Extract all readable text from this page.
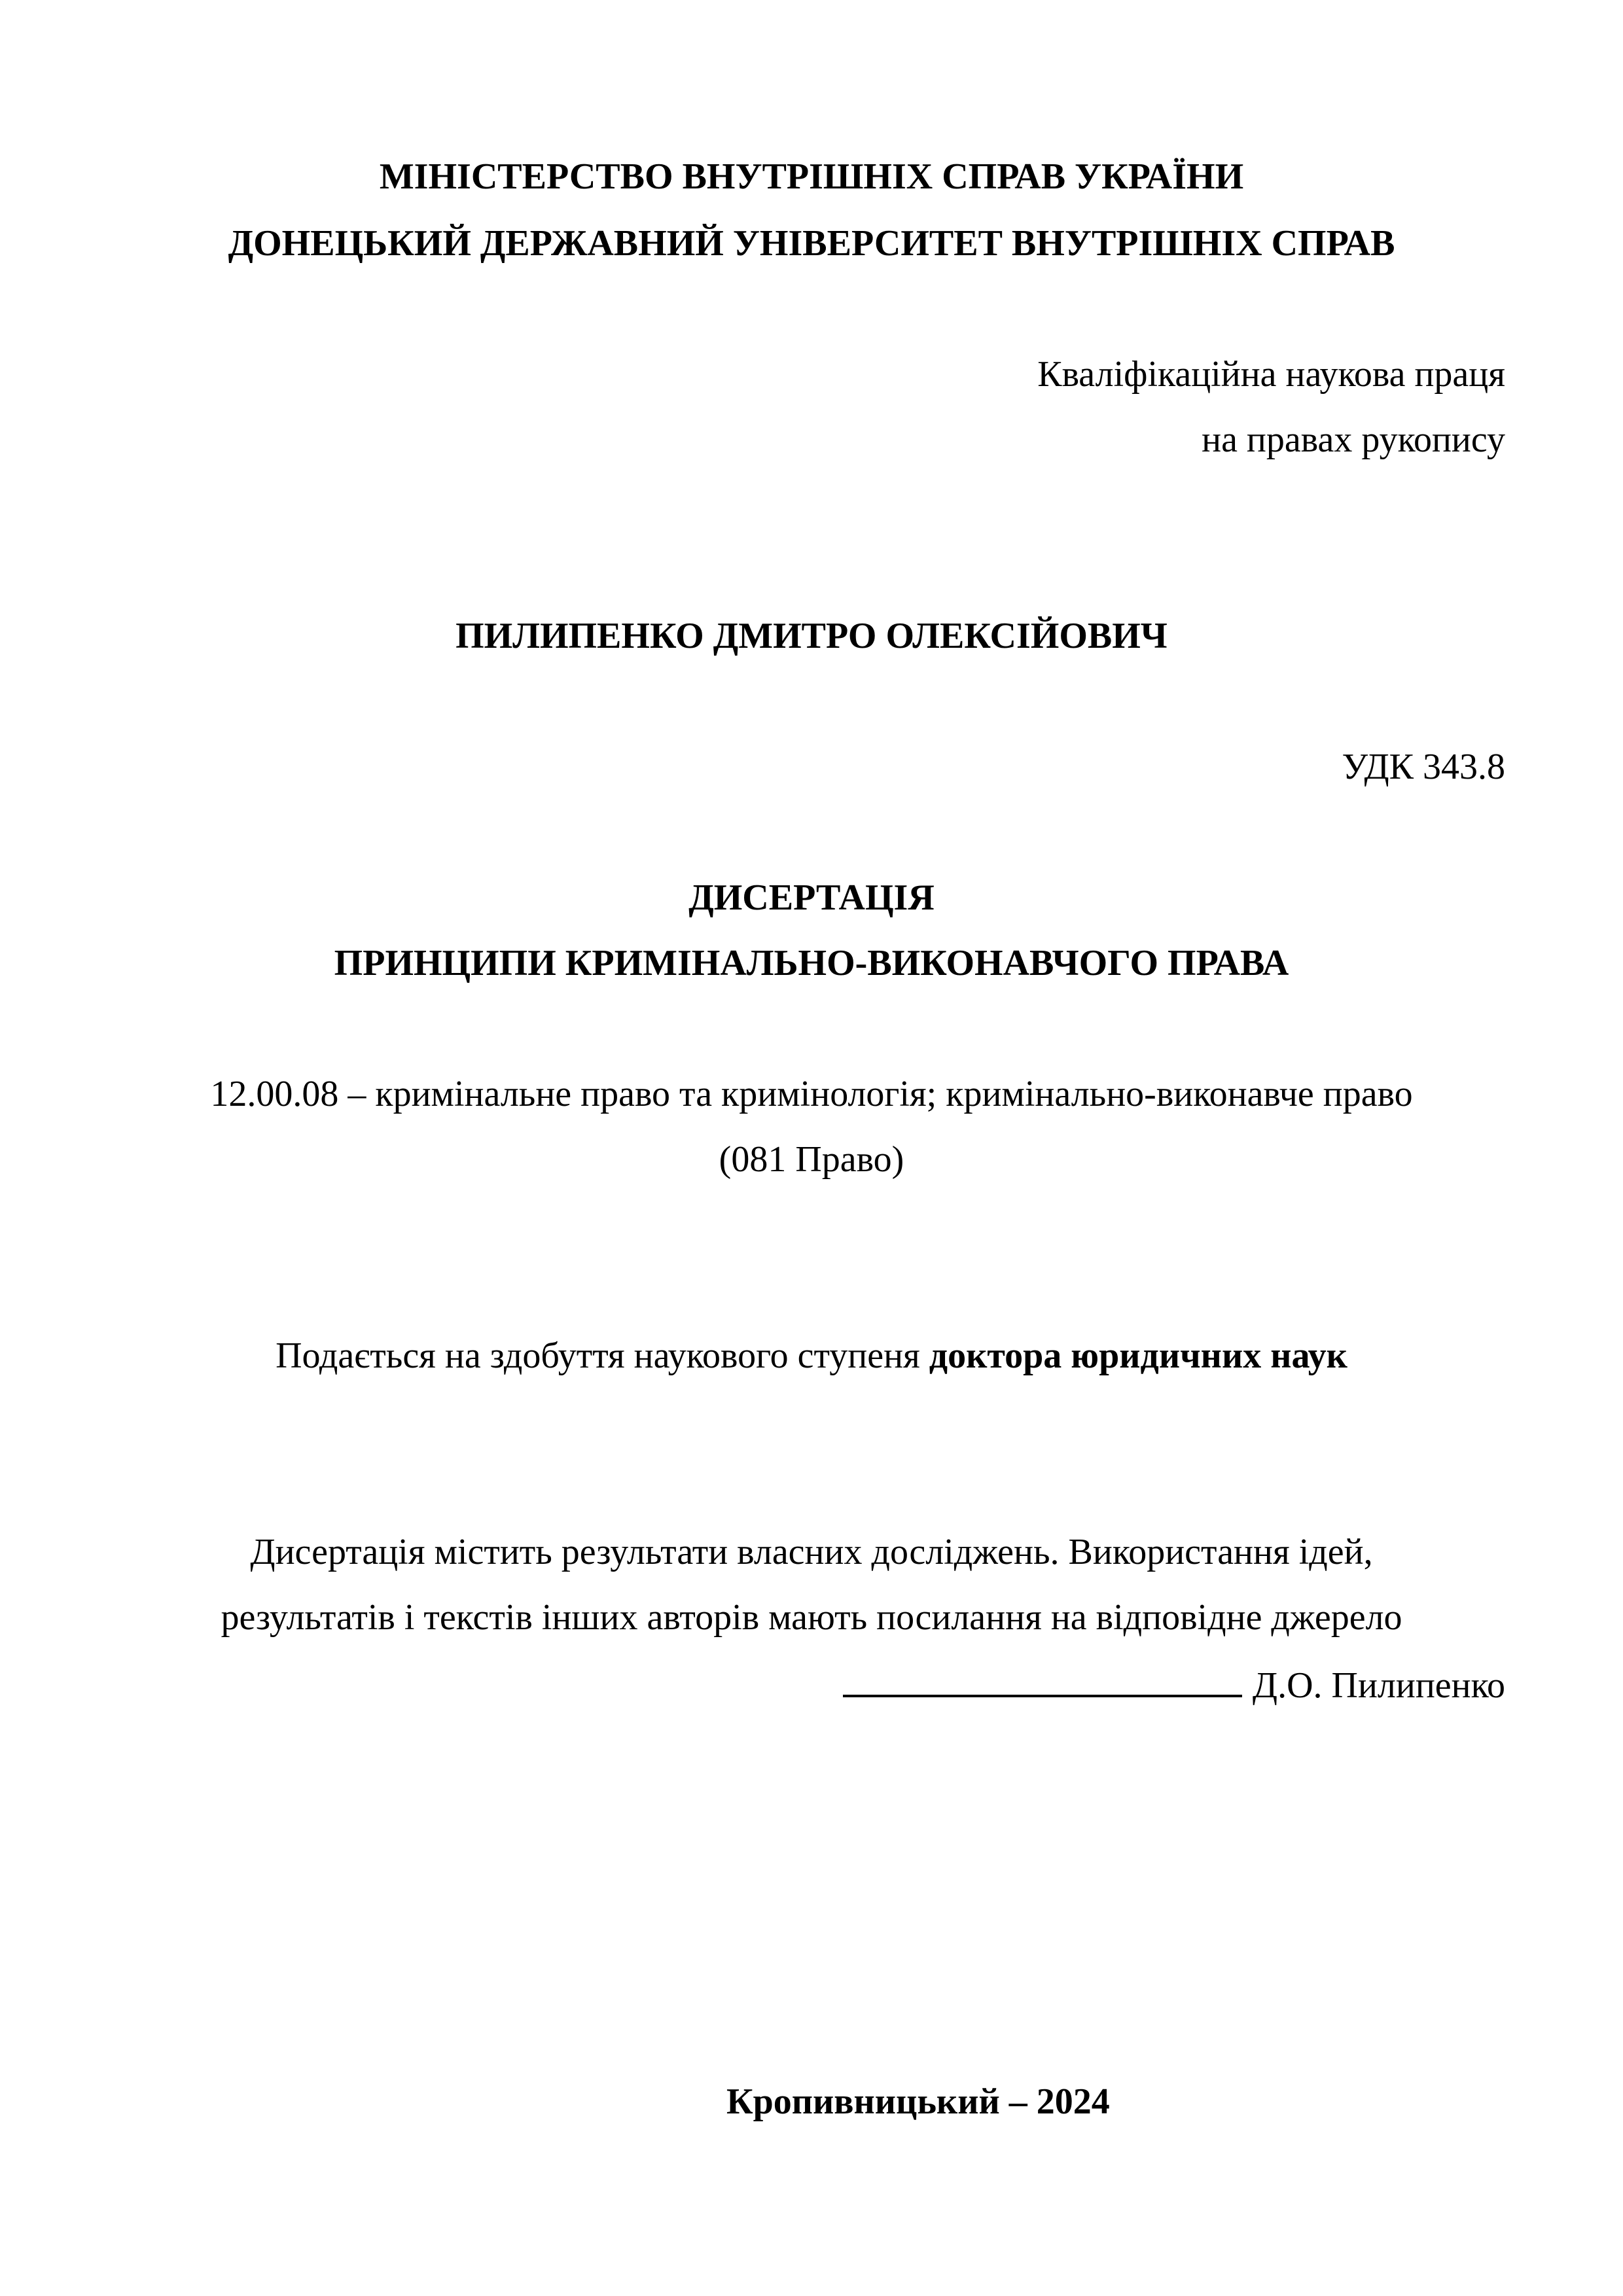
МІНІСТЕРСТВО ВНУТРІШНІХ СПРАВ УКРАЇНИ
ДОНЕЦЬКИЙ ДЕРЖАВНИЙ УНІВЕРСИТЕТ ВНУТРІШНІХ СПРАВ
Кваліфікаційна наукова праця
на правах рукопису
ПИЛИПЕНКО ДМИТРО ОЛЕКСІЙОВИЧ
УДК 343.8
ДИСЕРТАЦІЯ
ПРИНЦИПИ КРИМІНАЛЬНО-ВИКОНАВЧОГО ПРАВА
12.00.08 – кримінальне право та кримінологія; кримінально-виконавче право
(081 Право)
Подається на здобуття наукового ступеня доктора юридичних наук
Дисертація містить результати власних досліджень. Використання ідей,
результатів і текстів інших авторів мають посилання на відповідне джерело
Д.О. Пилипенко
Кропивницький – 2024
